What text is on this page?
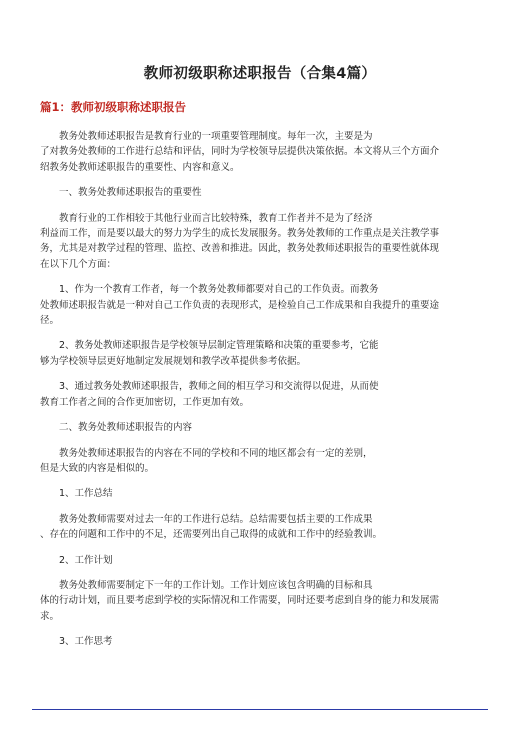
教师初级职称述职报告（合集4篇）
篇1：教师初级职称述职报告
教务处教师述职报告是教育行业的一项重要管理制度。每年一次，主要是为
了对教务处教师的工作进行总结和评估，同时为学校领导层提供决策依据。本文将从三个方面介
绍教务处教师述职报告的重要性、内容和意义。
一、教务处教师述职报告的重要性
教育行业的工作相较于其他行业而言比较特殊，教育工作者并不是为了经济
利益而工作，而是要以最大的努力为学生的成长发展服务。教务处教师的工作重点是关注教学事
务，尤其是对教学过程的管理、监控、改善和推进。因此，教务处教师述职报告的重要性就体现
在以下几个方面：
1、作为一个教育工作者，每一个教务处教师都要对自己的工作负责。而教务
处教师述职报告就是一种对自己工作负责的表现形式，是检验自己工作成果和自我提升的重要途
径。
2、教务处教师述职报告是学校领导层制定管理策略和决策的重要参考，它能
够为学校领导层更好地制定发展规划和教学改革提供参考依据。
3、通过教务处教师述职报告，教师之间的相互学习和交流得以促进，从而使
教育工作者之间的合作更加密切，工作更加有效。
二、教务处教师述职报告的内容
教务处教师述职报告的内容在不同的学校和不同的地区都会有一定的差别，
但是大致的内容是相似的。
1、工作总结
教务处教师需要对过去一年的工作进行总结。总结需要包括主要的工作成果
、存在的问题和工作中的不足，还需要列出自己取得的成就和工作中的经验教训。
2、工作计划
教务处教师需要制定下一年的工作计划。工作计划应该包含明确的目标和具
体的行动计划，而且要考虑到学校的实际情况和工作需要，同时还要考虑到自身的能力和发展需
求。
3、工作思考
